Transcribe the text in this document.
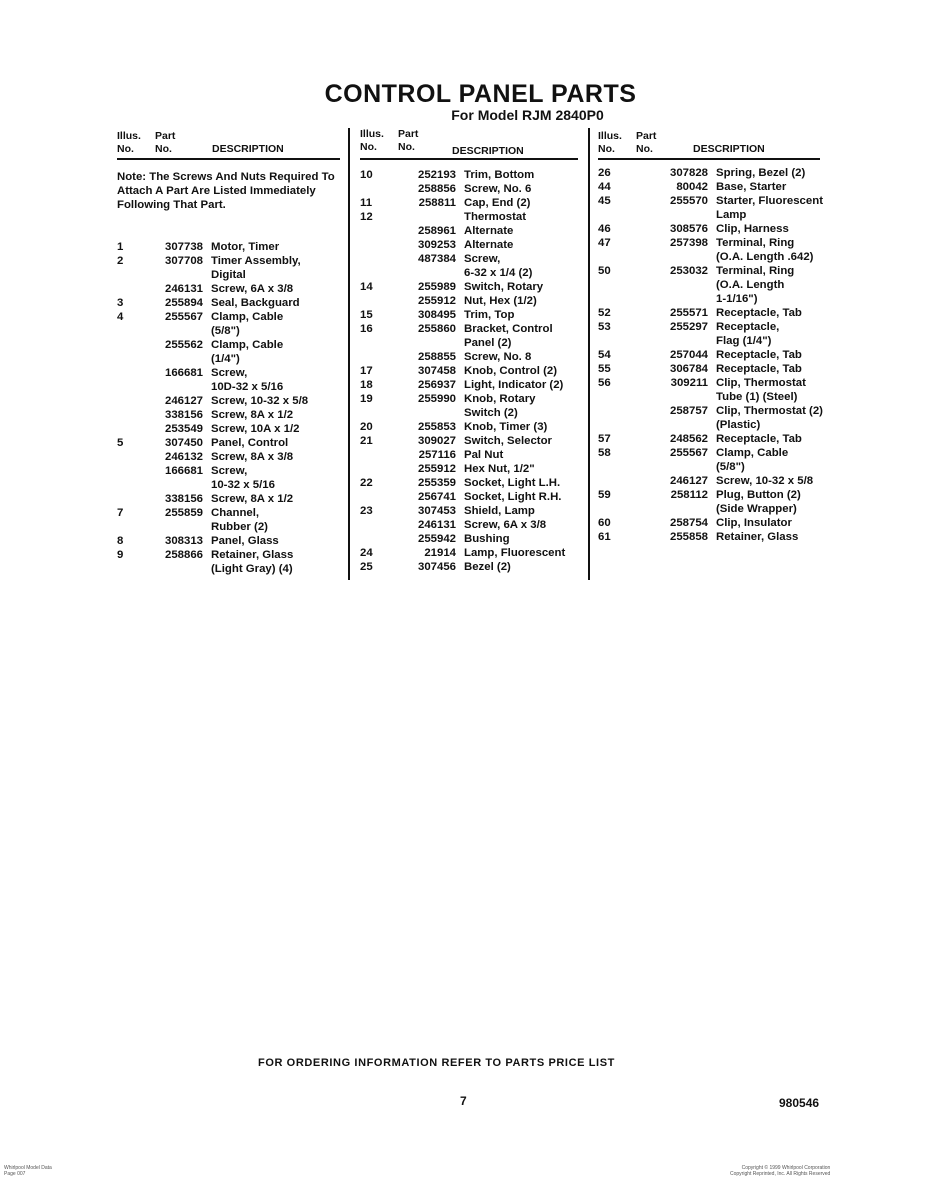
CONTROL PANEL PARTS
For Model RJM 2840P0
Illus.
No.
Part
No.	DESCRIPTION
Note: The Screws And Nuts Required To Attach A Part Are Listed Immediately Following That Part.
1	307738 Motor, Timer
2	307708 Timer Assembly,
Digital
246131 Screw, 6A x 3/8
3	255894 Seal, Backguard
4	255567 Clamp, Cable
(5/8")
255562 Clamp, Cable
(1/4")
166681 Screw,
10D-32 x 5/16
246127 Screw, 10-32 x 5/8
338156 Screw, 8A x 1/2
253549 Screw, 10A x 1/2
5	307450 Panel, Control
246132 Screw, 8A x 3/8
166681 Screw,
10-32 x 5/16
338156 Screw, 8A x 1/2
7	255859 Channel,
Rubber (2)
8	308313 Panel, Glass
9	258866 Retainer, Glass
(Light Gray) (4)
Illus.
No.
Part
No.	DESCRIPTION
10	252193 Trim, Bottom
258856 Screw, No. 6
11	258811 Cap, End (2)
12	Thermostat
258961 Alternate
309253 Alternate
487384 Screw,
6-32 x 1/4 (2)
14	255989 Switch, Rotary
255912 Nut, Hex (1/2)
15	308495 Trim, Top
16	255860 Bracket, Control
Panel (2)
258855 Screw, No. 8
17	307458 Knob, Control (2)
18	256937 Light, Indicator (2)
19	255990 Knob, Rotary
Switch (2)
20	255853 Knob, Timer (3)
21	309027 Switch, Selector
257116 Pal Nut
255912 Hex Nut, 1/2"
22	255359 Socket, Light L.H.
256741 Socket, Light R.H.
23	307453 Shield, Lamp
246131 Screw, 6A x 3/8
255942 Bushing
24	21914 Lamp, Fluorescent
25	307456 Bezel (2)
Illus.
No.
Part
No.	DESCRIPTION
26	307828 Spring, Bezel (2)
44	80042 Base, Starter
45	255570 Starter, Fluorescent
Lamp
46	308576 Clip, Harness
47	257398 Terminal, Ring
(O.A. Length .642)
50	253032 Terminal, Ring
(O.A. Length
1-1/16")
52	255571 Receptacle, Tab
53	255297 Receptacle,
Flag (1/4")
54	257044 Receptacle, Tab
55	306784 Receptacle, Tab
56	309211 Clip, Thermostat
Tube (1) (Steel)
258757 Clip, Thermostat (2)
(Plastic)
57	248562 Receptacle, Tab
58	255567 Clamp, Cable
(5/8")
246127 Screw, 10-32 x 5/8
59	258112 Plug, Button (2)
(Side Wrapper)
60	258754 Clip, Insulator
61	255858 Retainer, Glass
FOR ORDERING INFORMATION REFER TO PARTS PRICE LIST
7	980546
Whirlpool Model Data
Page 007
Copyright © 1999 Whirlpool Corporation
Copyright Reprinted, Inc. All Rights Reserved
